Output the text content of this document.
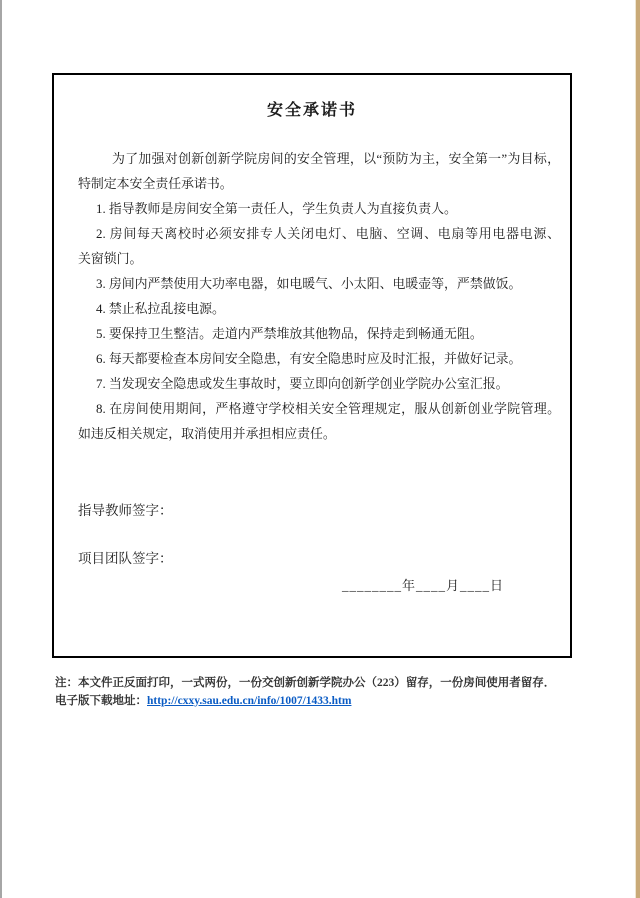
安全承诺书
为了加强对创新创新学院房间的安全管理，以“预防为主，安全第一”为目标，
特制定本安全责任承诺书。
1. 指导教师是房间安全第一责任人，学生负责人为直接负责人。
2. 房间每天离校时必须安排专人关闭电灯、电脑、空调、电扇等用电器电源、
关窗锁门。
3. 房间内严禁使用大功率电器，如电暖气、小太阳、电暖壶等，严禁做饭。
4. 禁止私拉乱接电源。
5. 要保持卫生整洁。走道内严禁堆放其他物品，保持走到畅通无阻。
6. 每天都要检查本房间安全隐患，有安全隐患时应及时汇报，并做好记录。
7. 当发现安全隐患或发生事故时，要立即向创新学创业学院办公室汇报。
8. 在房间使用期间，严格遵守学校相关安全管理规定，服从创新创业学院管理。
如违反相关规定，取消使用并承担相应责任。
指导教师签字：
项目团队签字：
________年____月____日
注：本文件正反面打印，一式两份，一份交创新创新学院办公（223）留存，一份房间使用者留存．
电子版下载地址：http://cxxy.sau.edu.cn/info/1007/1433.htm
